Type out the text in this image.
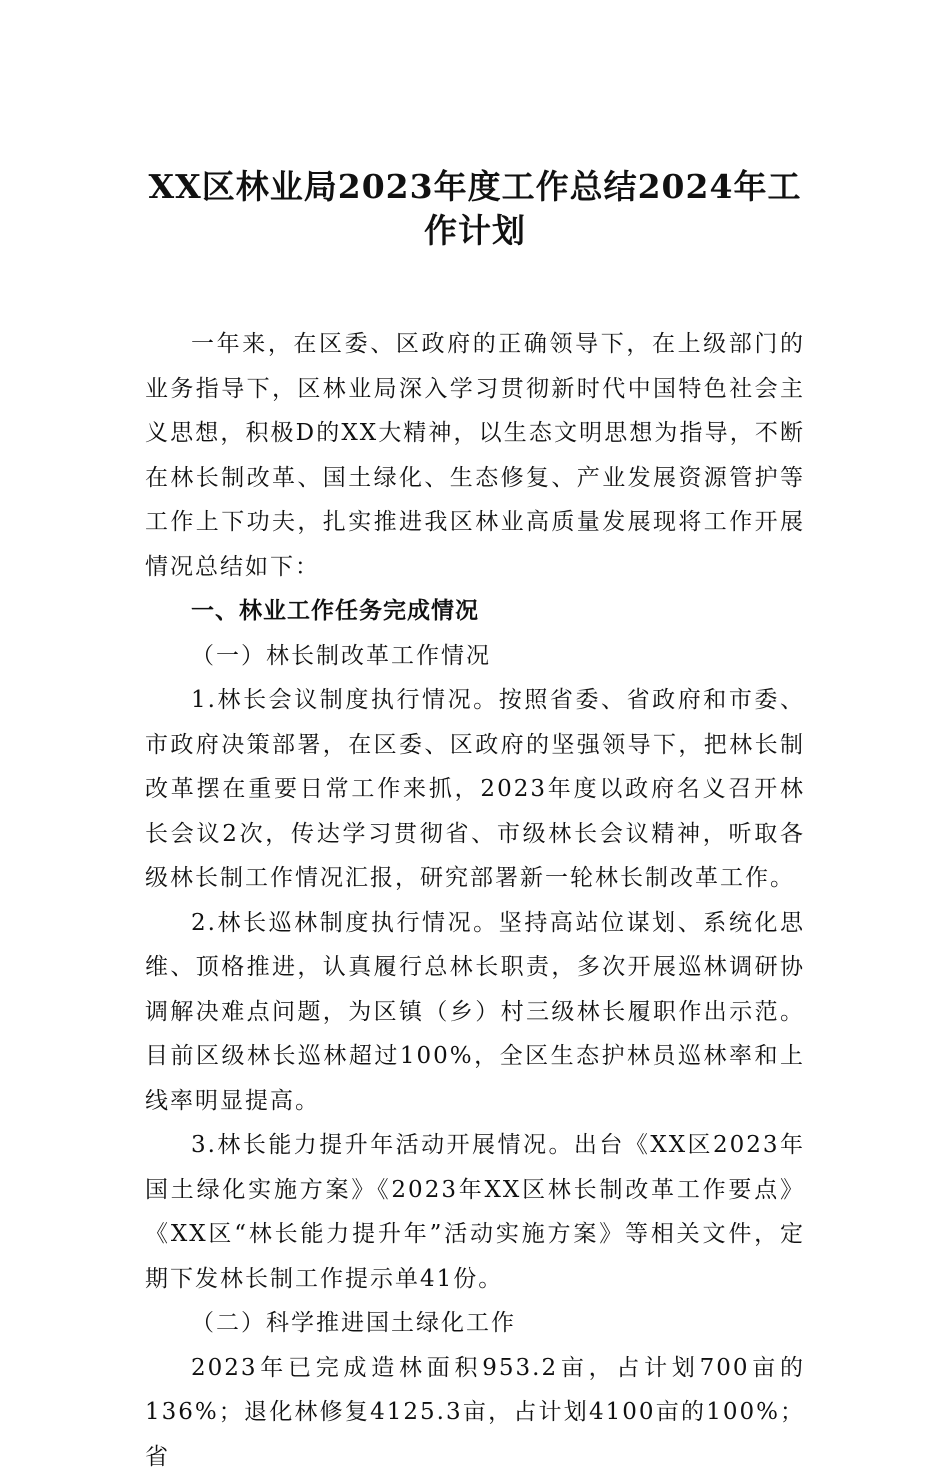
XX区林业局2023年度工作总结2024年工
作计划

一年来，在区委、区政府的正确领导下，在上级部门的业务指导下，区林业局深入学习贯彻新时代中国特色社会主义思想，积极D的XX大精神，以生态文明思想为指导，不断在林长制改革、国土绿化、生态修复、产业发展资源管护等工作上下功夫，扎实推进我区林业高质量发展现将工作开展情况总结如下：

一、林业工作任务完成情况

（一）林长制改革工作情况

1.林长会议制度执行情况。按照省委、省政府和市委、市政府决策部署，在区委、区政府的坚强领导下，把林长制改革摆在重要日常工作来抓，2023年度以政府名义召开林长会议2次，传达学习贯彻省、市级林长会议精神，听取各级林长制工作情况汇报，研究部署新一轮林长制改革工作。

2.林长巡林制度执行情况。坚持高站位谋划、系统化思维、顶格推进，认真履行总林长职责，多次开展巡林调研协调解决难点问题，为区镇（乡）村三级林长履职作出示范。目前区级林长巡林超过100%，全区生态护林员巡林率和上线率明显提高。

3.林长能力提升年活动开展情况。出台《XX区2023年国土绿化实施方案》《2023年XX区林长制改革工作要点》《XX区“林长能力提升年”活动实施方案》等相关文件，定期下发林长制工作提示单41份。

（二）科学推进国土绿化工作

2023年已完成造林面积953.2亩，占计划700亩的136%；退化林修复4125.3亩，占计划4100亩的100%；省
